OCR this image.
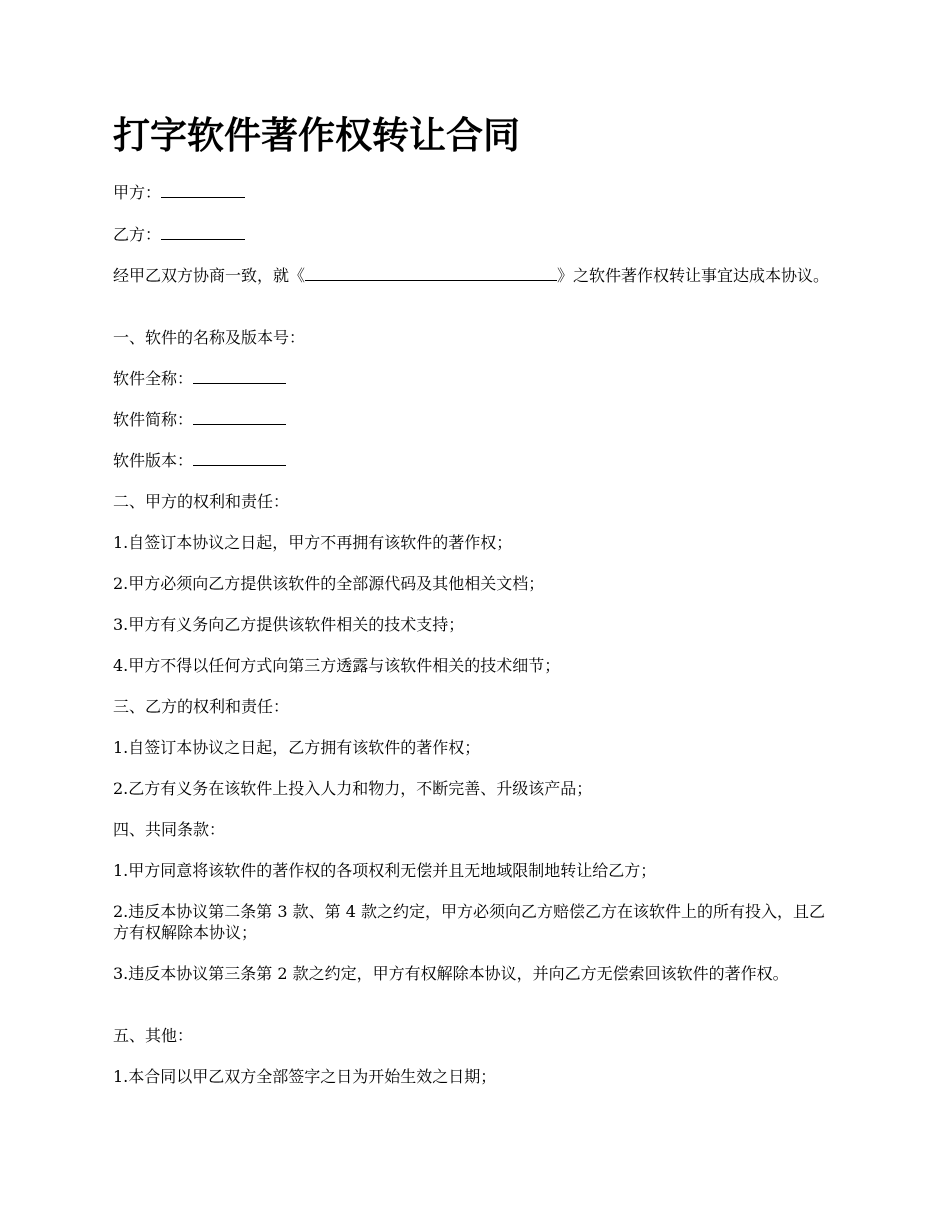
打字软件著作权转让合同

甲方：

乙方：

经甲乙双方协商一致，就《	》之软件著作权转让事宜达成本协议。

一、软件的名称及版本号：

软件全称：

软件简称：

软件版本：

二、甲方的权利和责任：

1.自签订本协议之日起，甲方不再拥有该软件的著作权；

2.甲方必须向乙方提供该软件的全部源代码及其他相关文档；

3.甲方有义务向乙方提供该软件相关的技术支持；

4.甲方不得以任何方式向第三方透露与该软件相关的技术细节；

三、乙方的权利和责任：

1.自签订本协议之日起，乙方拥有该软件的著作权；

2.乙方有义务在该软件上投入人力和物力，不断完善、升级该产品；

四、共同条款：

1.甲方同意将该软件的著作权的各项权利无偿并且无地域限制地转让给乙方；

2.违反本协议第二条第 3 款、第 4 款之约定，甲方必须向乙方赔偿乙方在该软件上的所有投入，且乙方有权解除本协议；

3.违反本协议第三条第 2 款之约定，甲方有权解除本协议，并向乙方无偿索回该软件的著作权。

五、其他：

1.本合同以甲乙双方全部签字之日为开始生效之日期；
